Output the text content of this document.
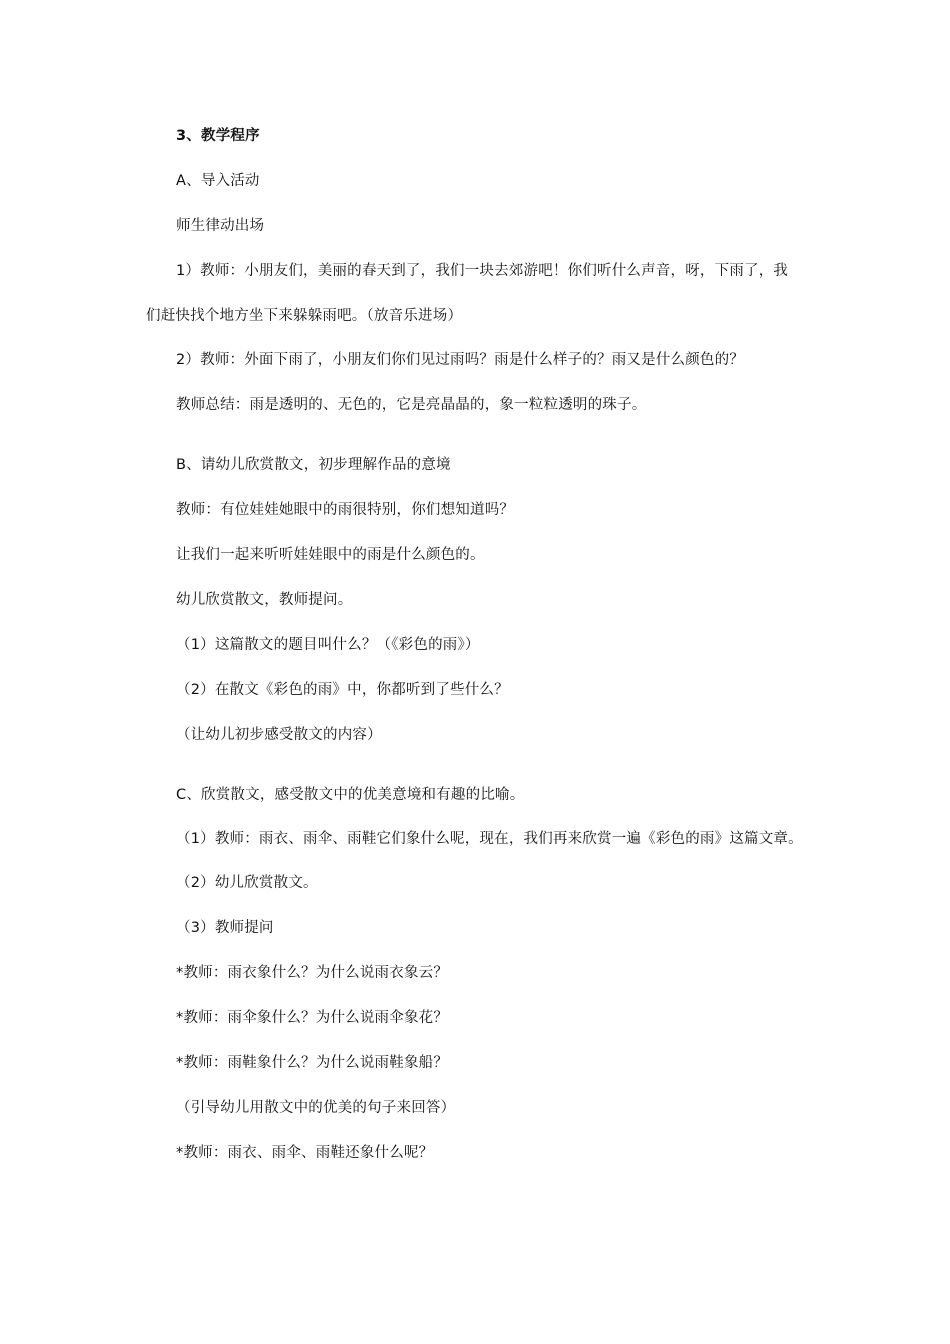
3、教学程序
A、导入活动
师生律动出场
1）教师：小朋友们，美丽的春天到了，我们一块去郊游吧！你们听什么声音，呀，下雨了，我
们赶快找个地方坐下来躲躲雨吧。（放音乐进场）
2）教师：外面下雨了，小朋友们你们见过雨吗？雨是什么样子的？雨又是什么颜色的？
教师总结：雨是透明的、无色的，它是亮晶晶的，象一粒粒透明的珠子。
B、请幼儿欣赏散文，初步理解作品的意境
教师：有位娃娃她眼中的雨很特别，你们想知道吗？
让我们一起来听听娃娃眼中的雨是什么颜色的。
幼儿欣赏散文，教师提问。
（1）这篇散文的题目叫什么？（《彩色的雨》）
（2）在散文《彩色的雨》中，你都听到了些什么？
（让幼儿初步感受散文的内容）
C、欣赏散文，感受散文中的优美意境和有趣的比喻。
（1）教师：雨衣、雨伞、雨鞋它们象什么呢，现在，我们再来欣赏一遍《彩色的雨》这篇文章。
（2）幼儿欣赏散文。
（3）教师提问
*教师：雨衣象什么？为什么说雨衣象云？
*教师：雨伞象什么？为什么说雨伞象花？
*教师：雨鞋象什么？为什么说雨鞋象船？
（引导幼儿用散文中的优美的句子来回答）
*教师：雨衣、雨伞、雨鞋还象什么呢？
